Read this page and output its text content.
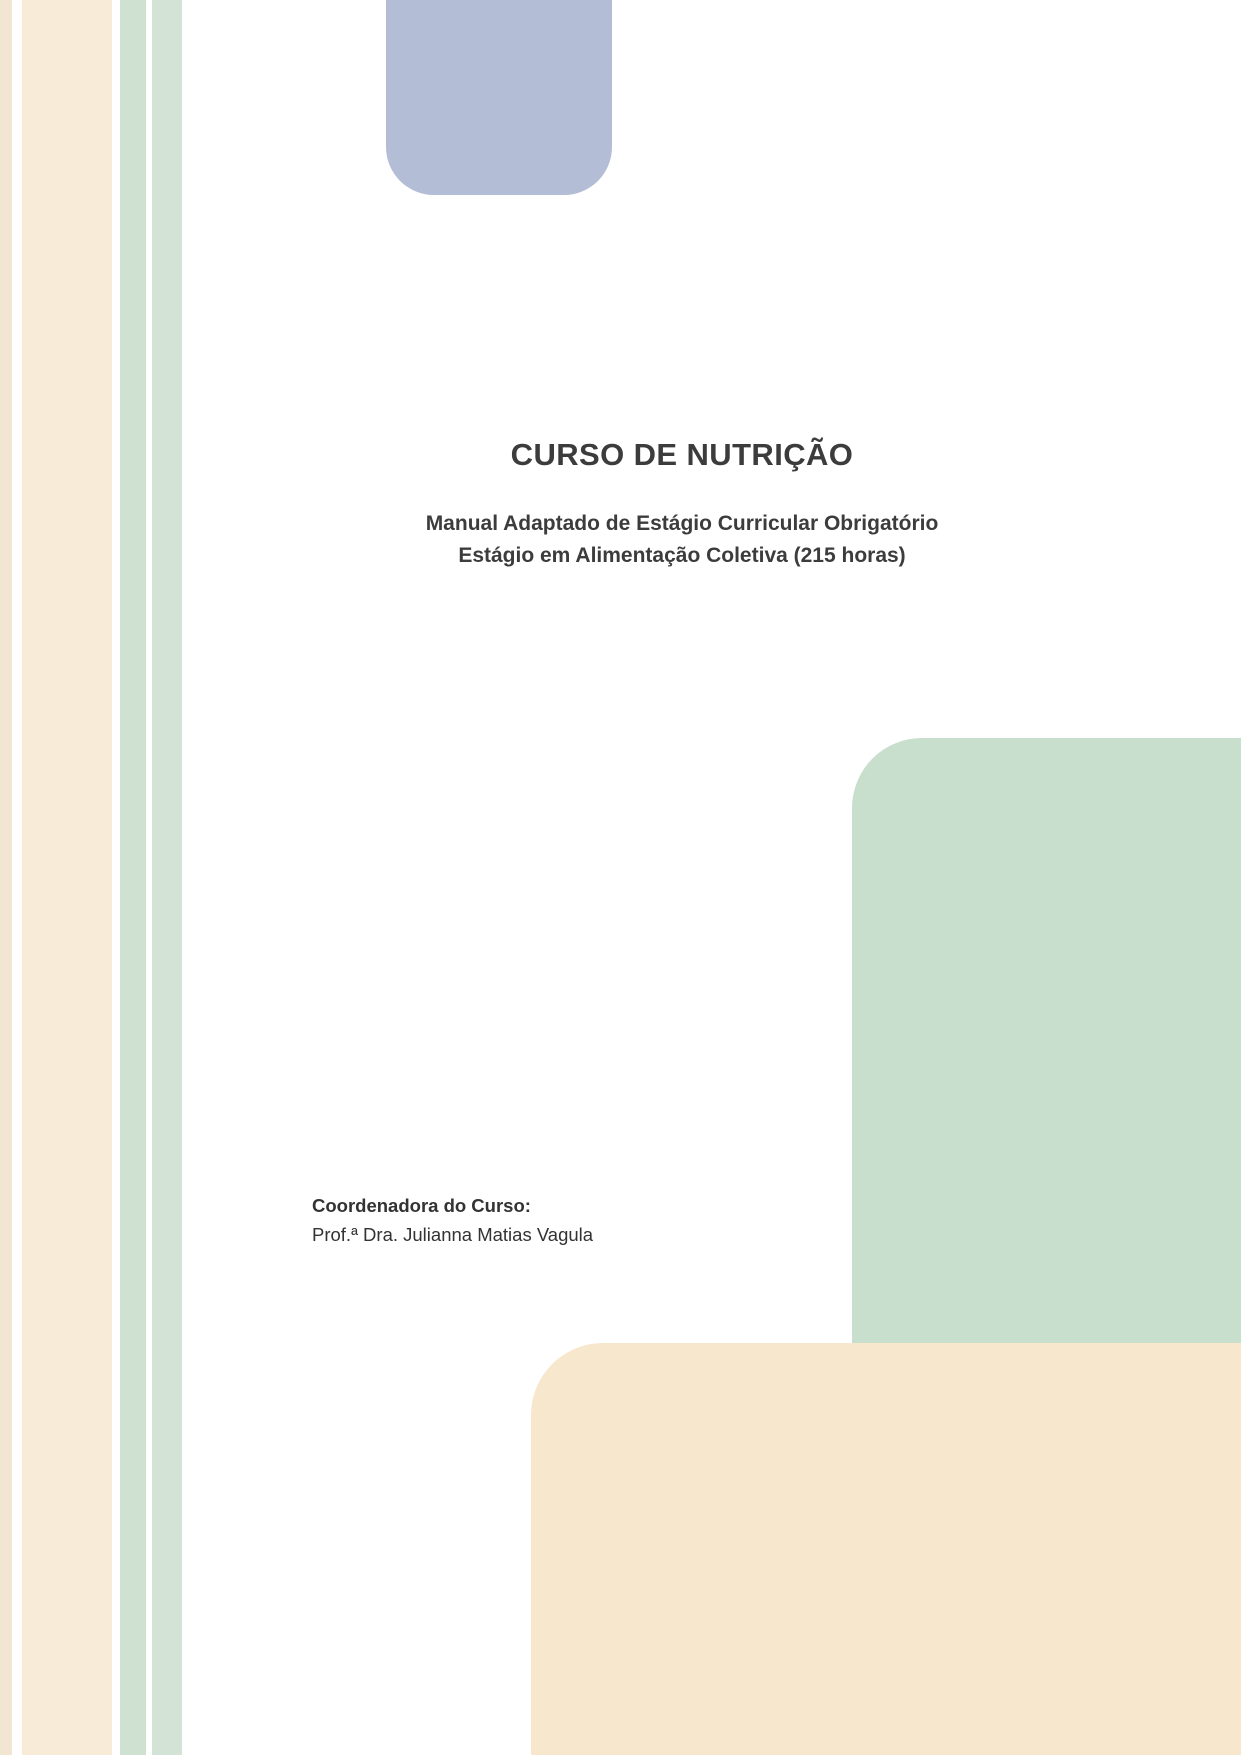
CURSO DE NUTRIÇÃO
Manual Adaptado de Estágio Curricular Obrigatório
Estágio em Alimentação Coletiva (215 horas)
Coordenadora do Curso:
Prof.ª Dra. Julianna Matias Vagula
